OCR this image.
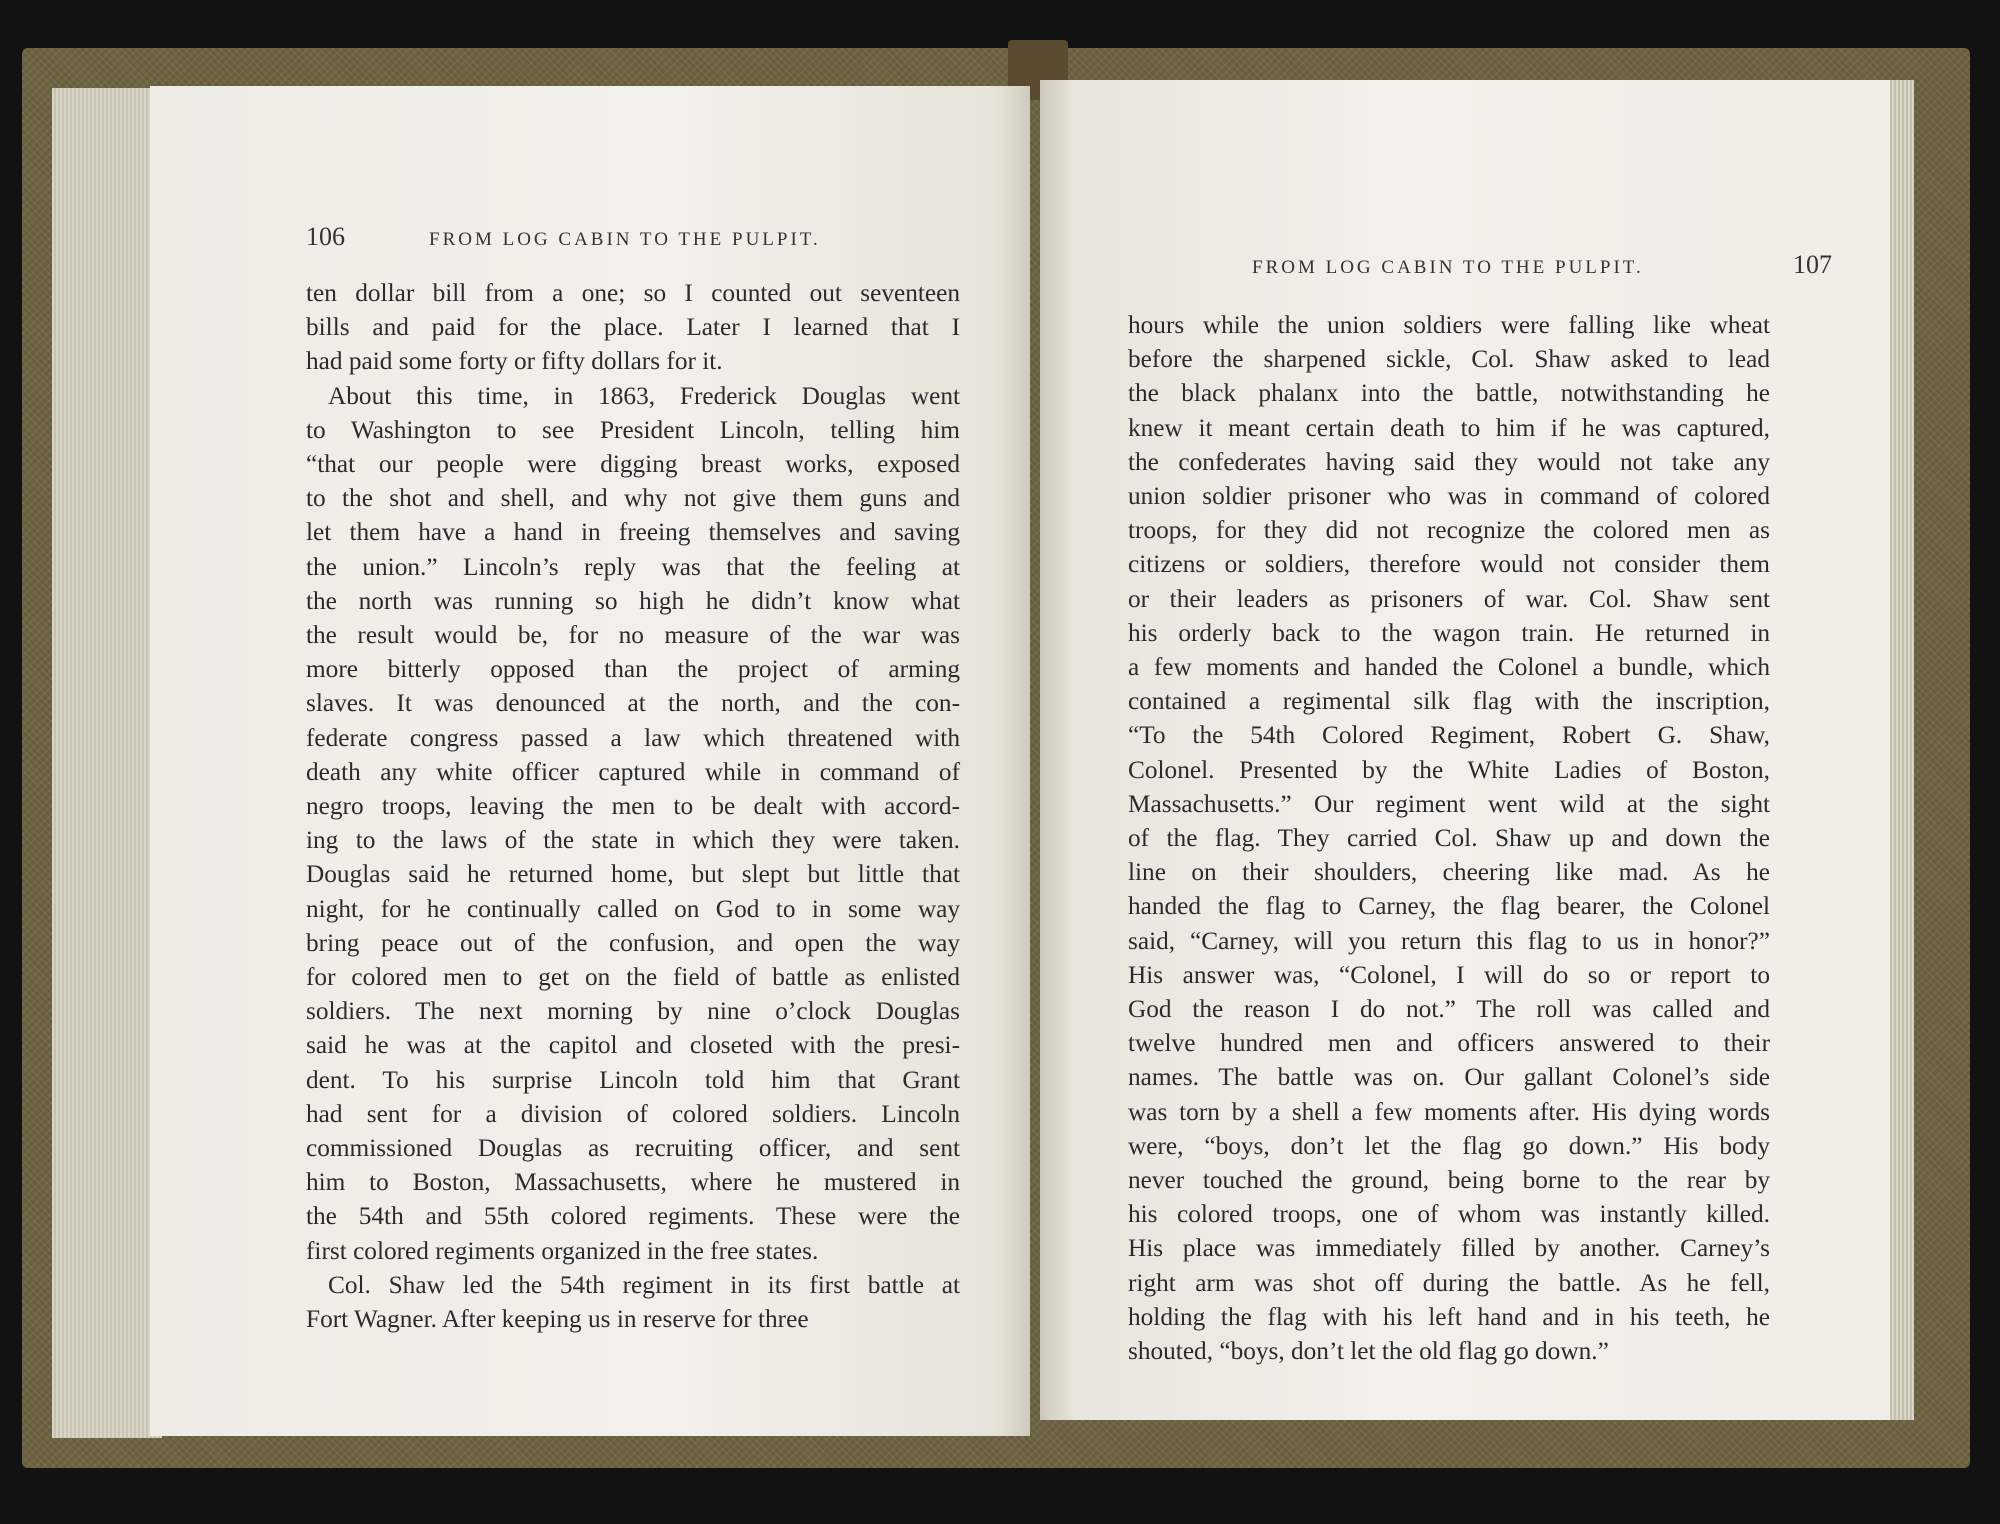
106	FROM LOG CABIN TO THE PULPIT.
ten dollar bill from a one; so I counted out seventeen
bills and paid for the place. Later I learned that I
had paid some forty or fifty dollars for it.
About this time, in 1863, Frederick Douglas went
to Washington to see President Lincoln, telling him
“that our people were digging breast works, exposed
to the shot and shell, and why not give them guns and
let them have a hand in freeing themselves and saving
the union.” Lincoln’s reply was that the feeling at
the north was running so high he didn’t know what
the result would be, for no measure of the war was
more bitterly opposed than the project of arming
slaves. It was denounced at the north, and the con-
federate congress passed a law which threatened with
death any white officer captured while in command of
negro troops, leaving the men to be dealt with accord-
ing to the laws of the state in which they were taken.
Douglas said he returned home, but slept but little that
night, for he continually called on God to in some way
bring peace out of the confusion, and open the way
for colored men to get on the field of battle as enlisted
soldiers. The next morning by nine o’clock Douglas
said he was at the capitol and closeted with the presi-
dent. To his surprise Lincoln told him that Grant
had sent for a division of colored soldiers. Lincoln
commissioned Douglas as recruiting officer, and sent
him to Boston, Massachusetts, where he mustered in
the 54th and 55th colored regiments. These were the
first colored regiments organized in the free states.
Col. Shaw led the 54th regiment in its first battle at
Fort Wagner. After keeping us in reserve for three
FROM LOG CABIN TO THE PULPIT.	107
hours while the union soldiers were falling like wheat
before the sharpened sickle, Col. Shaw asked to lead
the black phalanx into the battle, notwithstanding he
knew it meant certain death to him if he was captured,
the confederates having said they would not take any
union soldier prisoner who was in command of colored
troops, for they did not recognize the colored men as
citizens or soldiers, therefore would not consider them
or their leaders as prisoners of war. Col. Shaw sent
his orderly back to the wagon train. He returned in
a few moments and handed the Colonel a bundle, which
contained a regimental silk flag with the inscription,
“To the 54th Colored Regiment, Robert G. Shaw,
Colonel. Presented by the White Ladies of Boston,
Massachusetts.” Our regiment went wild at the sight
of the flag. They carried Col. Shaw up and down the
line on their shoulders, cheering like mad. As he
handed the flag to Carney, the flag bearer, the Colonel
said, “Carney, will you return this flag to us in honor?”
His answer was, “Colonel, I will do so or report to
God the reason I do not.” The roll was called and
twelve hundred men and officers answered to their
names. The battle was on. Our gallant Colonel’s side
was torn by a shell a few moments after. His dying words
were, “boys, don’t let the flag go down.” His body
never touched the ground, being borne to the rear by
his colored troops, one of whom was instantly killed.
His place was immediately filled by another. Carney’s
right arm was shot off during the battle. As he fell,
holding the flag with his left hand and in his teeth, he
shouted, “boys, don’t let the old flag go down.”
